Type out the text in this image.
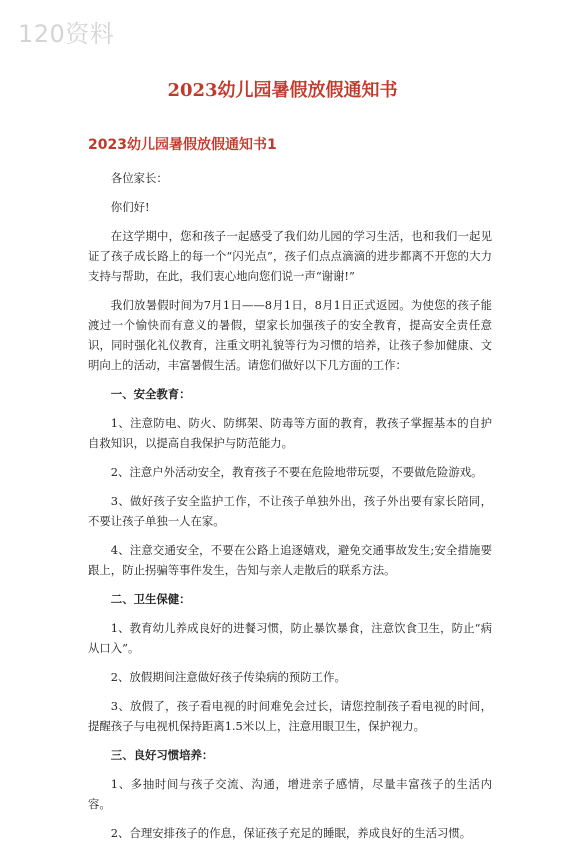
120资料
2023幼儿园暑假放假通知书
2023幼儿园暑假放假通知书1

各位家长：

你们好!

在这学期中，您和孩子一起感受了我们幼儿园的学习生活，也和我们一起见证了孩子成长路上的每一个“闪光点”，孩子们点点滴滴的进步都离不开您的大力支持与帮助，在此，我们衷心地向您们说一声“谢谢!”

我们放暑假时间为7月1日——8月1日，8月1日正式返园。为使您的孩子能渡过一个愉快而有意义的暑假，望家长加强孩子的安全教育，提高安全责任意识，同时强化礼仪教育，注重文明礼貌等行为习惯的培养，让孩子参加健康、文明向上的活动，丰富暑假生活。请您们做好以下几方面的工作：

一、安全教育：

1、注意防电、防火、防绑架、防毒等方面的教育，教孩子掌握基本的自护自救知识，以提高自我保护与防范能力。

2、注意户外活动安全，教育孩子不要在危险地带玩耍，不要做危险游戏。

3、做好孩子安全监护工作，不让孩子单独外出，孩子外出要有家长陪同，不要让孩子单独一人在家。

4、注意交通安全，不要在公路上追逐嬉戏，避免交通事故发生;安全措施要跟上，防止拐骗等事件发生，告知与亲人走散后的联系方法。

二、卫生保健：

1、教育幼儿养成良好的进餐习惯，防止暴饮暴食，注意饮食卫生，防止“病从口入”。

2、放假期间注意做好孩子传染病的预防工作。

3、放假了，孩子看电视的时间难免会过长，请您控制孩子看电视的时间，提醒孩子与电视机保持距离1.5米以上，注意用眼卫生，保护视力。

三、良好习惯培养：

1、多抽时间与孩子交流、沟通，增进亲子感情，尽量丰富孩子的生活内容。

2、合理安排孩子的作息，保证孩子充足的睡眠，养成良好的生活习惯。
